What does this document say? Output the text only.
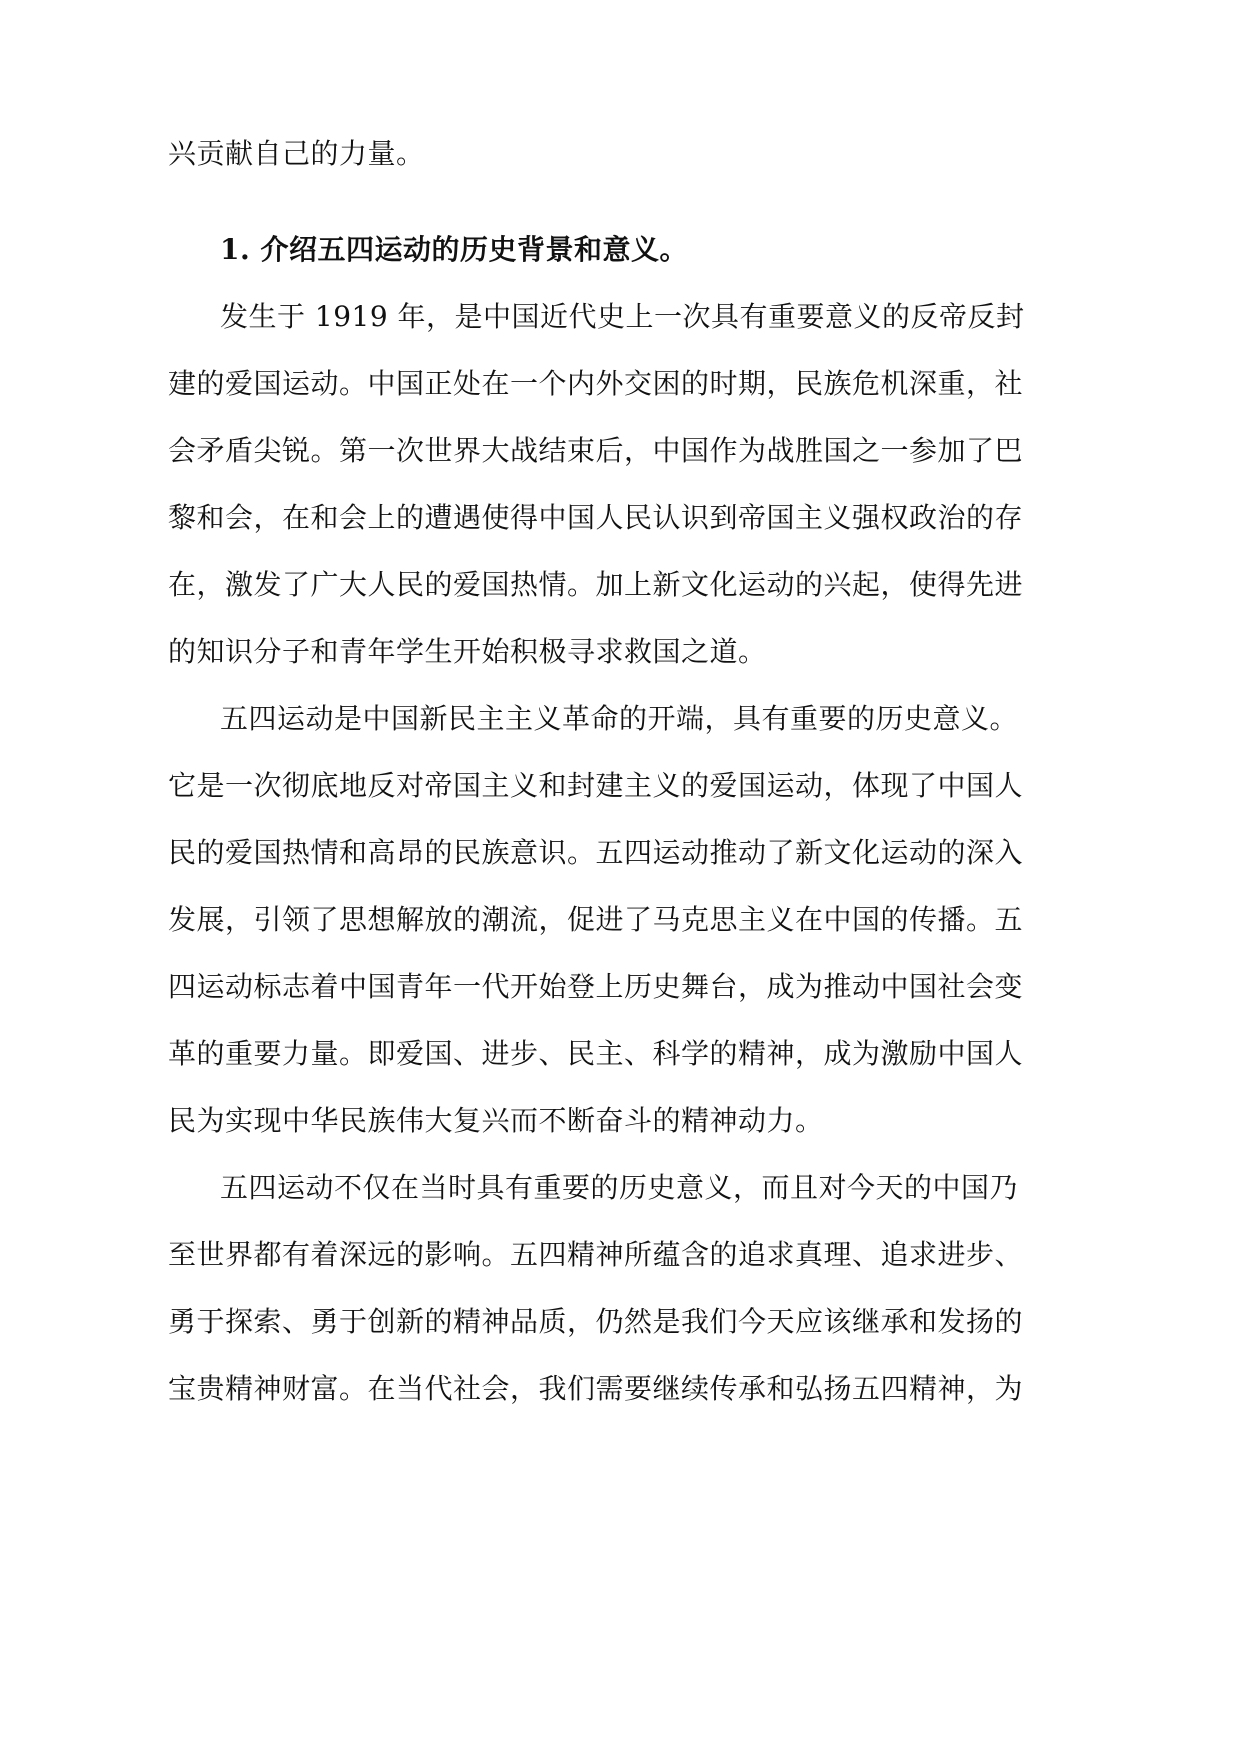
兴贡献自己的力量。
1. 介绍五四运动的历史背景和意义。
发生于 1919 年，是中国近代史上一次具有重要意义的反帝反封
建的爱国运动。中国正处在一个内外交困的时期，民族危机深重，社
会矛盾尖锐。第一次世界大战结束后，中国作为战胜国之一参加了巴
黎和会，在和会上的遭遇使得中国人民认识到帝国主义强权政治的存
在，激发了广大人民的爱国热情。加上新文化运动的兴起，使得先进
的知识分子和青年学生开始积极寻求救国之道。
五四运动是中国新民主主义革命的开端，具有重要的历史意义。
它是一次彻底地反对帝国主义和封建主义的爱国运动，体现了中国人
民的爱国热情和高昂的民族意识。五四运动推动了新文化运动的深入
发展，引领了思想解放的潮流，促进了马克思主义在中国的传播。五
四运动标志着中国青年一代开始登上历史舞台，成为推动中国社会变
革的重要力量。即爱国、进步、民主、科学的精神，成为激励中国人
民为实现中华民族伟大复兴而不断奋斗的精神动力。
五四运动不仅在当时具有重要的历史意义，而且对今天的中国乃
至世界都有着深远的影响。五四精神所蕴含的追求真理、追求进步、
勇于探索、勇于创新的精神品质，仍然是我们今天应该继承和发扬的
宝贵精神财富。在当代社会，我们需要继续传承和弘扬五四精神，为
